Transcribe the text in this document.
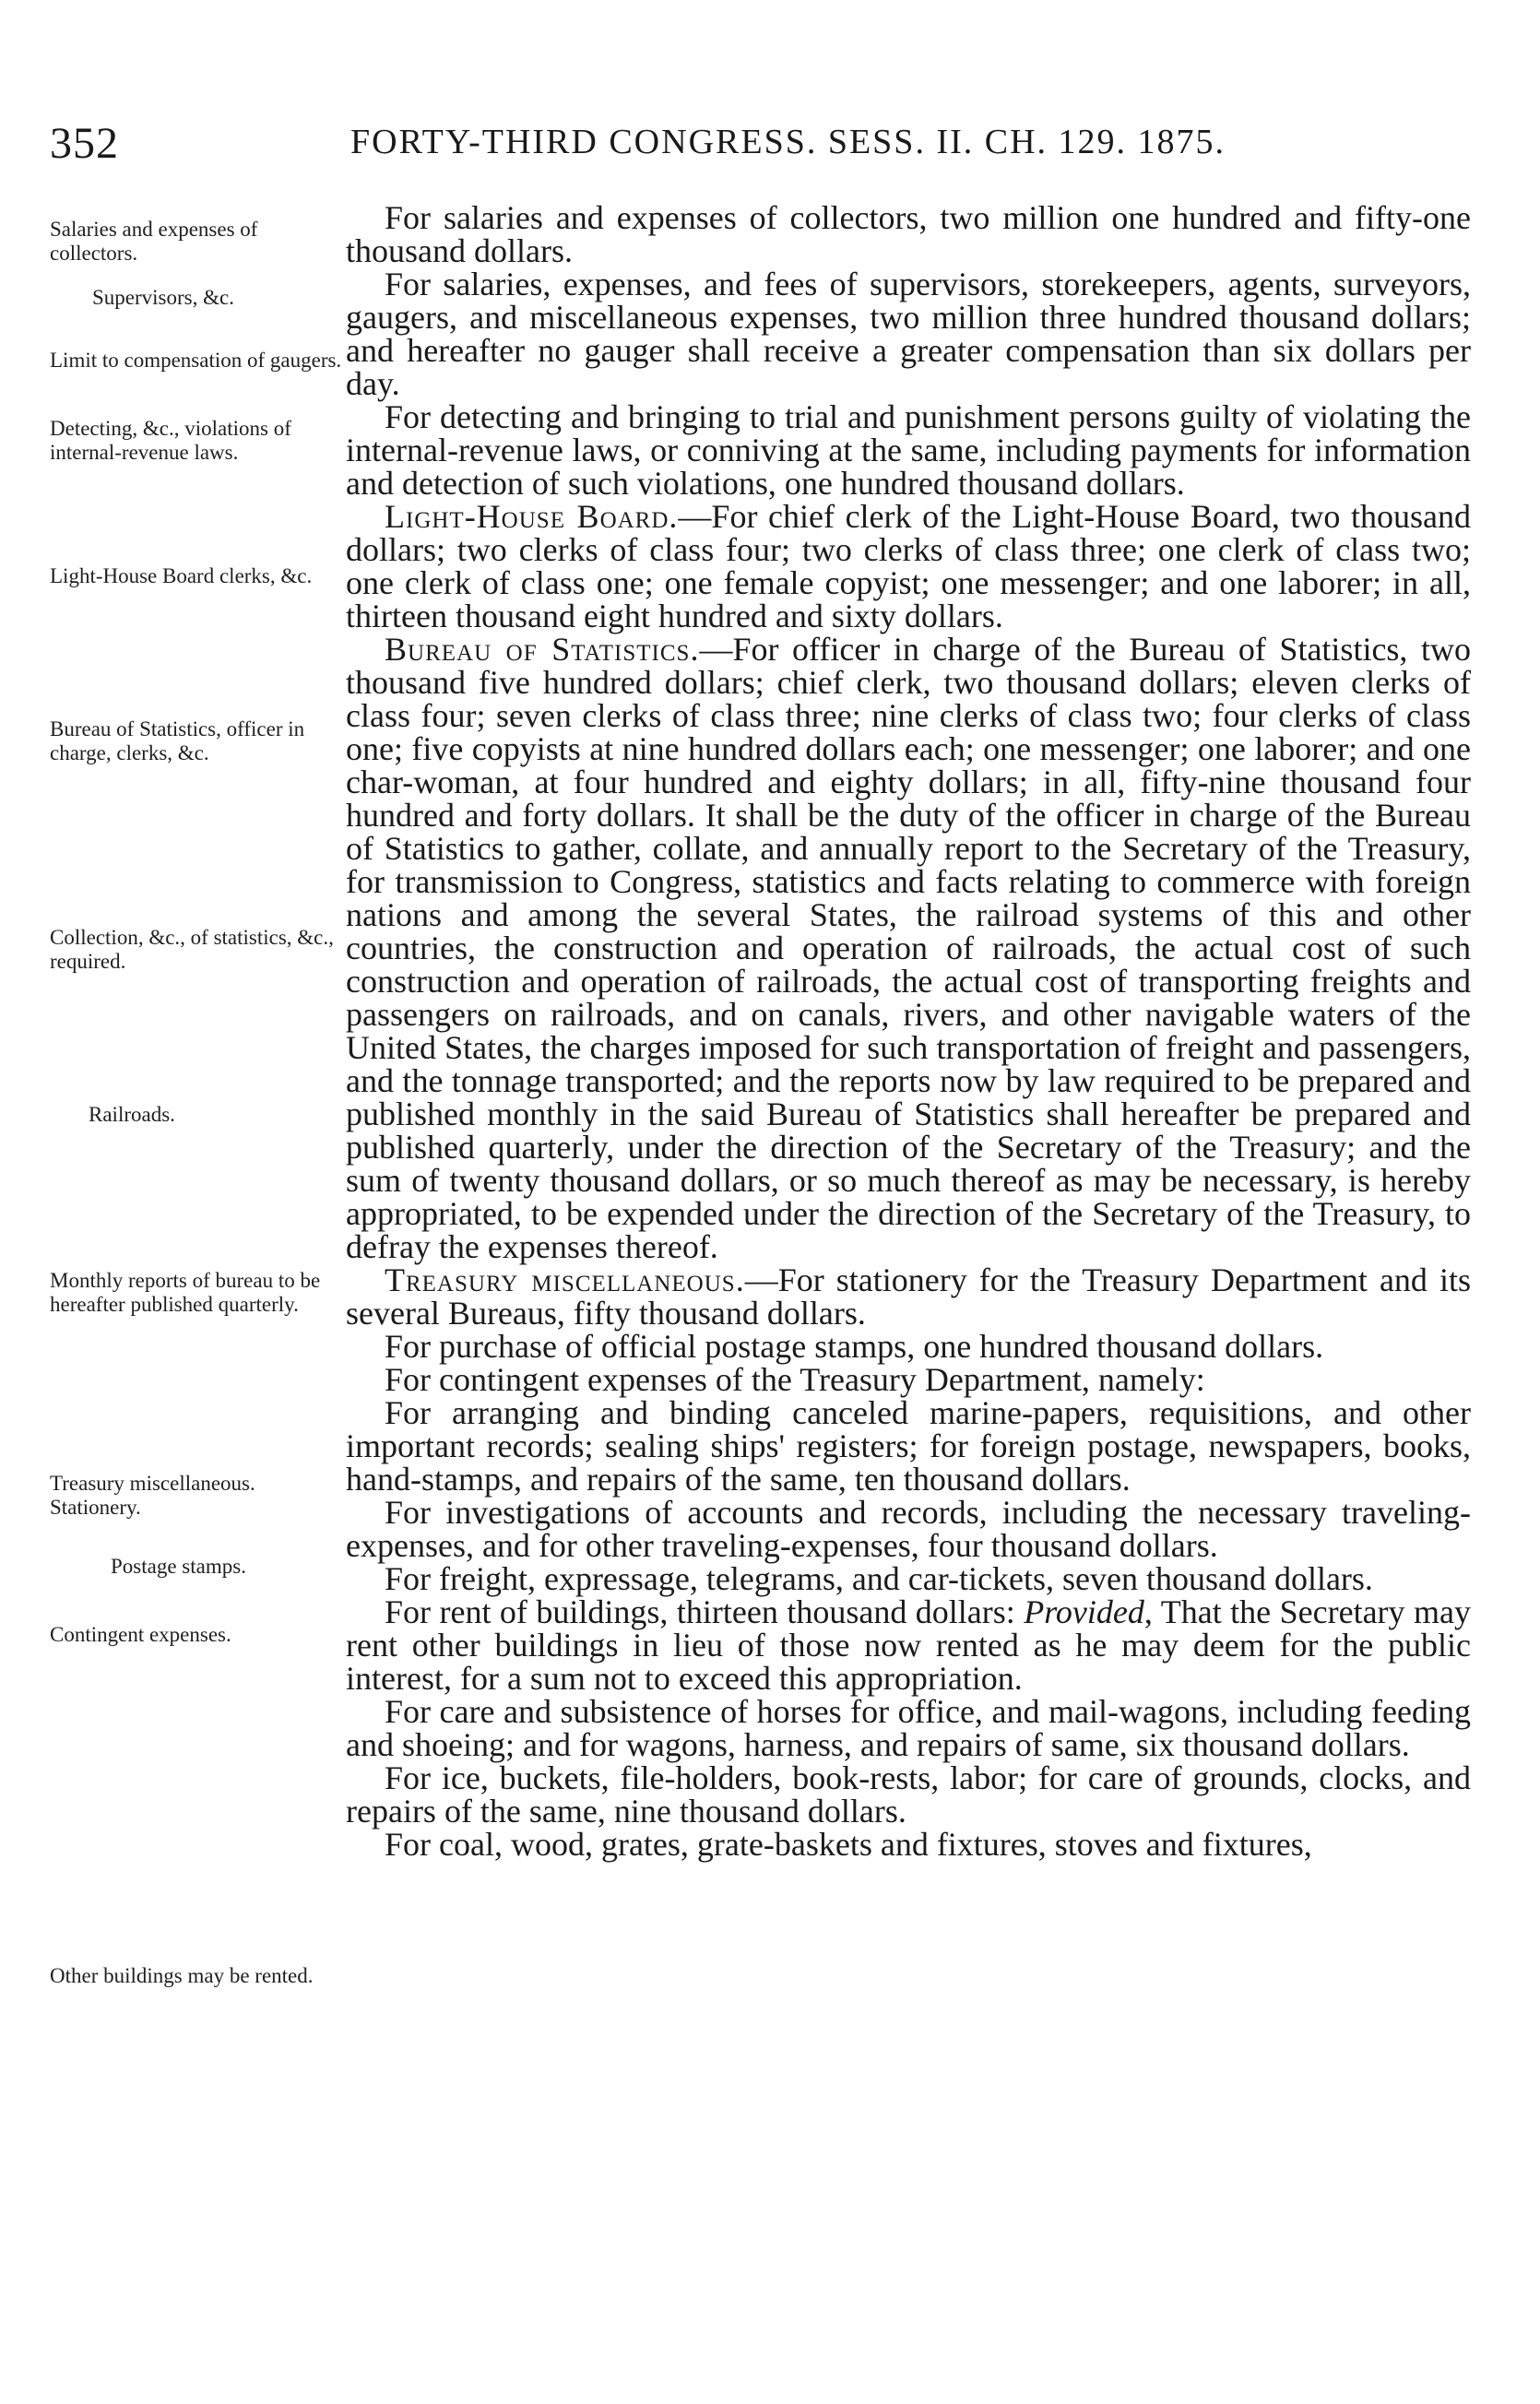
352	FORTY-THIRD CONGRESS. SESS. II. CH. 129. 1875.
Salaries and expenses of collectors.
Supervisors, &c.
Limit to compensation of gaugers.
Detecting, &c., violations of internal-revenue laws.
Light-House Board clerks, &c.
Bureau of Statistics, officer in charge, clerks, &c.
Collection, &c., of statistics, &c., required.
Railroads.
Monthly reports of bureau to be hereafter published quarterly.
Treasury miscellaneous. Stationery.
Postage stamps.
Contingent expenses.
Other buildings may be rented.

For salaries and expenses of collectors, two million one hundred and fifty-one thousand dollars.

For salaries, expenses, and fees of supervisors, storekeepers, agents, surveyors, gaugers, and miscellaneous expenses, two million three hundred thousand dollars; and hereafter no gauger shall receive a greater compensation than six dollars per day.

For detecting and bringing to trial and punishment persons guilty of violating the internal-revenue laws, or conniving at the same, including payments for information and detection of such violations, one hundred thousand dollars.

Light-House Board.—For chief clerk of the Light-House Board, two thousand dollars; two clerks of class four; two clerks of class three; one clerk of class two; one clerk of class one; one female copyist; one messenger; and one laborer; in all, thirteen thousand eight hundred and sixty dollars.

Bureau of Statistics.—For officer in charge of the Bureau of Statistics, two thousand five hundred dollars; chief clerk, two thousand dollars; eleven clerks of class four; seven clerks of class three; nine clerks of class two; four clerks of class one; five copyists at nine hundred dollars each; one messenger; one laborer; and one char-woman, at four hundred and eighty dollars; in all, fifty-nine thousand four hundred and forty dollars. It shall be the duty of the officer in charge of the Bureau of Statistics to gather, collate, and annually report to the Secretary of the Treasury, for transmission to Congress, statistics and facts relating to commerce with foreign nations and among the several States, the railroad systems of this and other countries, the construction and operation of railroads, the actual cost of such construction and operation of railroads, the actual cost of transporting freights and passengers on railroads, and on canals, rivers, and other navigable waters of the United States, the charges imposed for such transportation of freight and passengers, and the tonnage transported; and the reports now by law required to be prepared and published monthly in the said Bureau of Statistics shall hereafter be prepared and published quarterly, under the direction of the Secretary of the Treasury; and the sum of twenty thousand dollars, or so much thereof as may be necessary, is hereby appropriated, to be expended under the direction of the Secretary of the Treasury, to defray the expenses thereof.

Treasury miscellaneous.—For stationery for the Treasury Department and its several Bureaus, fifty thousand dollars.

For purchase of official postage stamps, one hundred thousand dollars.

For contingent expenses of the Treasury Department, namely:

For arranging and binding canceled marine-papers, requisitions, and other important records; sealing ships' registers; for foreign postage, newspapers, books, hand-stamps, and repairs of the same, ten thousand dollars.

For investigations of accounts and records, including the necessary traveling-expenses, and for other traveling-expenses, four thousand dollars.

For freight, expressage, telegrams, and car-tickets, seven thousand dollars.

For rent of buildings, thirteen thousand dollars: Provided, That the Secretary may rent other buildings in lieu of those now rented as he may deem for the public interest, for a sum not to exceed this appropriation.

For care and subsistence of horses for office, and mail-wagons, including feeding and shoeing; and for wagons, harness, and repairs of same, six thousand dollars.

For ice, buckets, file-holders, book-rests, labor; for care of grounds, clocks, and repairs of the same, nine thousand dollars.

For coal, wood, grates, grate-baskets and fixtures, stoves and fixtures,
